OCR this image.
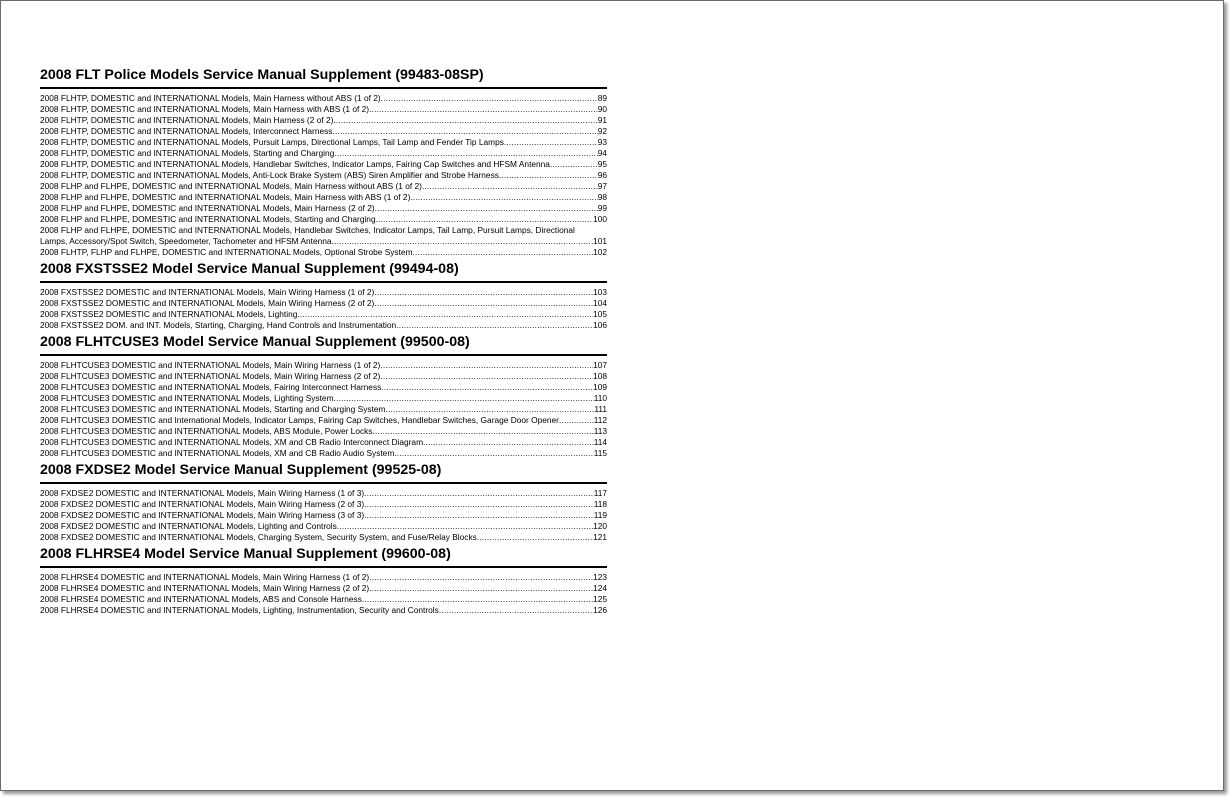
2008 FLT Police Models Service Manual Supplement (99483-08SP)
2008 FLHTP, DOMESTIC and INTERNATIONAL Models, Main Harness without ABS (1 of 2) .....	89
2008 FLHTP, DOMESTIC and INTERNATIONAL Models, Main Harness with ABS (1 of 2) .....	90
2008 FLHTP, DOMESTIC and INTERNATIONAL Models, Main Harness (2 of 2) .....	91
2008 FLHTP, DOMESTIC and INTERNATIONAL Models, Interconnect Harness .....	92
2008 FLHTP, DOMESTIC and INTERNATIONAL Models, Pursuit Lamps, Directional Lamps, Tail Lamp and Fender Tip Lamps .....	93
2008 FLHTP, DOMESTIC and INTERNATIONAL Models, Starting and Charging .....	94
2008 FLHTP, DOMESTIC and INTERNATIONAL Models, Handlebar Switches, Indicator Lamps, Fairing Cap Switches and HFSM Antenna .....	95
2008 FLHTP, DOMESTIC and INTERNATIONAL Models, Anti-Lock Brake System (ABS) Siren Amplifier and Strobe Harness .....	96
2008 FLHP and FLHPE, DOMESTIC and INTERNATIONAL Models, Main Harness without ABS (1 of 2) .....	97
2008 FLHP and FLHPE, DOMESTIC and INTERNATIONAL Models, Main Harness with ABS (1 of 2) .....	98
2008 FLHP and FLHPE, DOMESTIC and INTERNATIONAL Models, Main Harness (2 of 2) .....	99
2008 FLHP and FLHPE, DOMESTIC and INTERNATIONAL Models, Starting and Charging .....	100
2008 FLHP and FLHPE, DOMESTIC and INTERNATIONAL Models, Handlebar Switches, Indicator Lamps, Tail Lamp, Pursuit Lamps, Directional
Lamps, Accessory/Spot Switch, Speedometer, Tachometer and HFSM Antenna .....	101
2008 FLHTP, FLHP and FLHPE, DOMESTIC and INTERNATIONAL Models, Optional Strobe System .....	102
2008 FXSTSSE2 Model Service Manual Supplement (99494-08)
2008 FXSTSSE2 DOMESTIC and INTERNATIONAL Models, Main Wiring Harness (1 of 2) .....	103
2008 FXSTSSE2 DOMESTIC and INTERNATIONAL Models, Main Wiring Harness (2 of 2) .....	104
2008 FXSTSSE2 DOMESTIC and INTERNATIONAL Models, Lighting .....	105
2008 FXSTSSE2 DOM. and INT. Models, Starting, Charging, Hand Controls and Instrumentation .....	106
2008 FLHTCUSE3 Model Service Manual Supplement (99500-08)
2008 FLHTCUSE3 DOMESTIC and INTERNATIONAL Models, Main Wiring Harness (1 of 2) .....	107
2008 FLHTCUSE3 DOMESTIC and INTERNATIONAL Models, Main Wiring Harness (2 of 2) .....	108
2008 FLHTCUSE3 DOMESTIC and INTERNATIONAL Models, Fairing Interconnect Harness .....	109
2008 FLHTCUSE3 DOMESTIC and INTERNATIONAL Models, Lighting System .....	110
2008 FLHTCUSE3 DOMESTIC and INTERNATIONAL Models, Starting and Charging System .....	111
2008 FLHTCUSE3 DOMESTIC and International Models, Indicator Lamps, Fairing Cap Switches, Handlebar Switches, Garage Door Opener .....	112
2008 FLHTCUSE3 DOMESTIC and INTERNATIONAL Models, ABS Module, Power Locks .....	113
2008 FLHTCUSE3 DOMESTIC and INTERNATIONAL Models, XM and CB Radio Interconnect Diagram .....	114
2008 FLHTCUSE3 DOMESTIC and INTERNATIONAL Models, XM and CB Radio Audio System .....	115
2008 FXDSE2 Model Service Manual Supplement (99525-08)
2008 FXDSE2 DOMESTIC and INTERNATIONAL Models, Main Wiring Harness (1 of 3) .....	117
2008 FXDSE2 DOMESTIC and INTERNATIONAL Models, Main Wiring Harness (2 of 3) .....	118
2008 FXDSE2 DOMESTIC and INTERNATIONAL Models, Main Wiring Harness (3 of 3) .....	119
2008 FXDSE2 DOMESTIC and INTERNATIONAL Models, Lighting and Controls .....	120
2008 FXDSE2 DOMESTIC and INTERNATIONAL Models, Charging System, Security System, and Fuse/Relay Blocks .....	121
2008 FLHRSE4 Model Service Manual Supplement (99600-08)
2008 FLHRSE4 DOMESTIC and INTERNATIONAL Models, Main Wiring Harness (1 of 2) .....	123
2008 FLHRSE4 DOMESTIC and INTERNATIONAL Models, Main Wiring Harness (2 of 2) .....	124
2008 FLHRSE4 DOMESTIC and INTERNATIONAL Models, ABS and Console Harness .....	125
2008 FLHRSE4 DOMESTIC and INTERNATIONAL Models, Lighting, Instrumentation, Security and Controls .....	126
